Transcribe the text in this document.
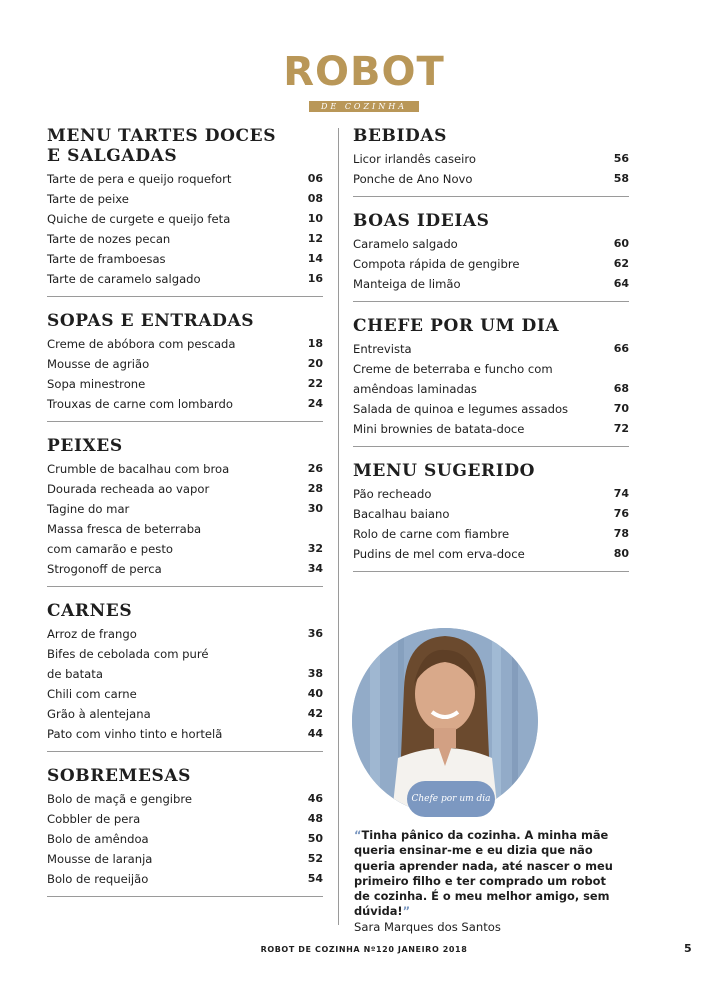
ROBOT
DE COZINHA
MENU TARTES DOCES
E SALGADAS
Tarte de pera e queijo roquefort	06
Tarte de peixe	08
Quiche de curgete e queijo feta	10
Tarte de nozes pecan	12
Tarte de framboesas	14
Tarte de caramelo salgado	16
SOPAS E ENTRADAS
Creme de abóbora com pescada	18
Mousse de agrião	20
Sopa minestrone	22
Trouxas de carne com lombardo	24
PEIXES
Crumble de bacalhau com broa	26
Dourada recheada ao vapor	28
Tagine do mar	30
Massa fresca de beterraba
com camarão e pesto	32
Strogonoff de perca	34
CARNES
Arroz de frango	36
Bifes de cebolada com puré
de batata	38
Chili com carne	40
Grão à alentejana	42
Pato com vinho tinto e hortelã	44
SOBREMESAS
Bolo de maçã e gengibre	46
Cobbler de pera	48
Bolo de amêndoa	50
Mousse de laranja	52
Bolo de requeijão	54
BEBIDAS
Licor irlandês caseiro	56
Ponche de Ano Novo	58
BOAS IDEIAS
Caramelo salgado	60
Compota rápida de gengibre	62
Manteiga de limão	64
CHEFE POR UM DIA
Entrevista	66
Creme de beterraba e funcho com
amêndoas laminadas	68
Salada de quinoa e legumes assados	70
Mini brownies de batata-doce	72
MENU SUGERIDO
Pão recheado	74
Bacalhau baiano	76
Rolo de carne com fiambre	78
Pudins de mel com erva-doce	80
Chefe por um dia
“Tinha pânico da cozinha. A minha mãe queria ensinar-me e eu dizia que não queria aprender nada, até nascer o meu primeiro filho e ter comprado um robot de cozinha. É o meu melhor amigo, sem dúvida!”
Sara Marques dos Santos
ROBOT DE COZINHA Nº120 JANEIRO 2018	5
